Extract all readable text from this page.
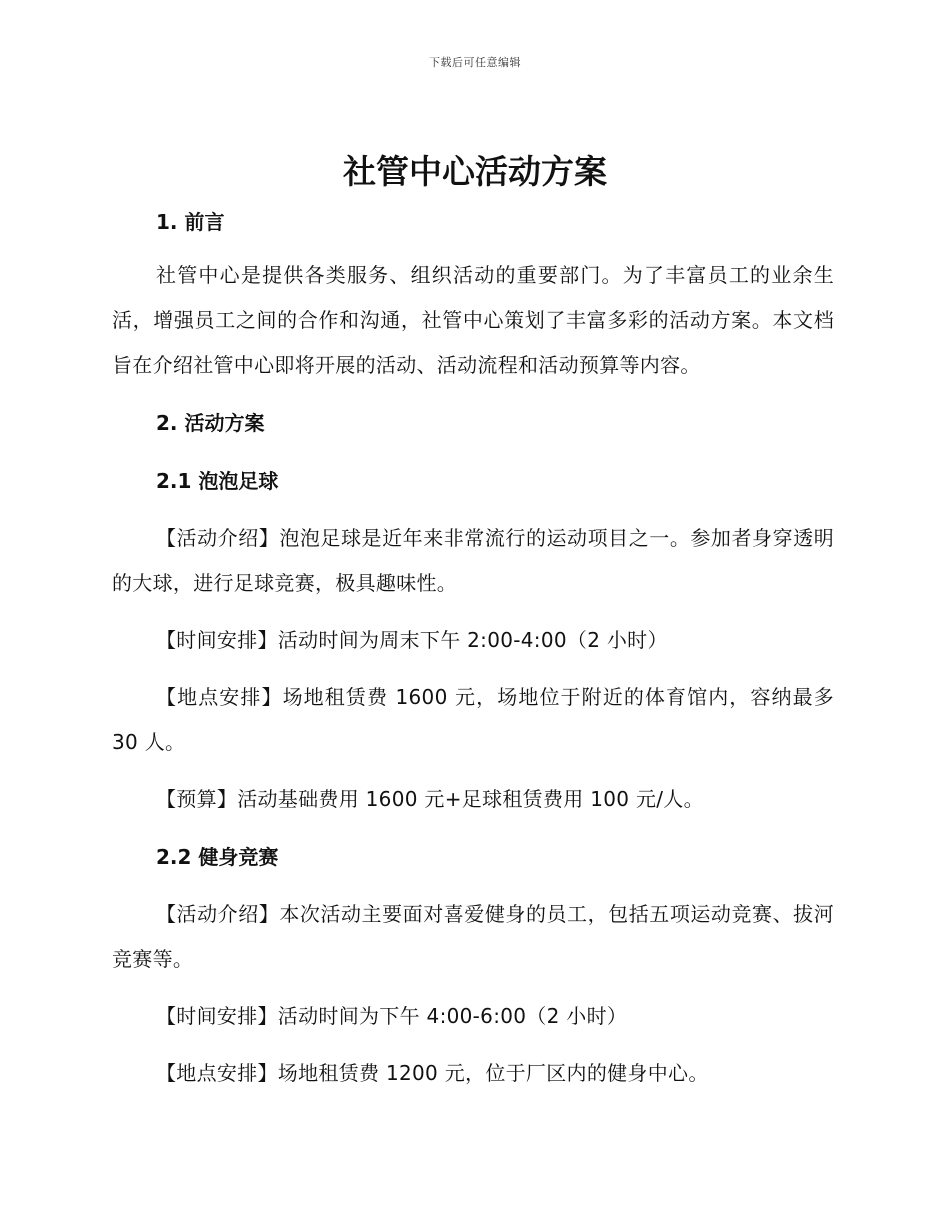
下载后可任意编辑
社管中心活动方案
1. 前言

社管中心是提供各类服务、组织活动的重要部门。为了丰富员工的业余生活，增强员工之间的合作和沟通，社管中心策划了丰富多彩的活动方案。本文档旨在介绍社管中心即将开展的活动、活动流程和活动预算等内容。

2. 活动方案
2.1 泡泡足球

【活动介绍】泡泡足球是近年来非常流行的运动项目之一。参加者身穿透明的大球，进行足球竞赛，极具趣味性。

【时间安排】活动时间为周末下午 2:00-4:00（2 小时）

【地点安排】场地租赁费 1600 元，场地位于附近的体育馆内，容纳最多 30 人。

【预算】活动基础费用 1600 元+足球租赁费用 100 元/人。

2.2 健身竞赛

【活动介绍】本次活动主要面对喜爱健身的员工，包括五项运动竞赛、拔河竞赛等。

【时间安排】活动时间为下午 4:00-6:00（2 小时）

【地点安排】场地租赁费 1200 元，位于厂区内的健身中心。
